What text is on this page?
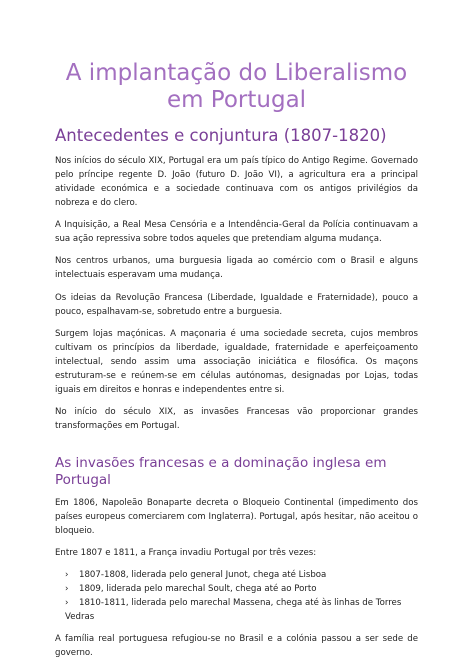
A implantação do Liberalismo
em Portugal
Antecedentes e conjuntura (1807-1820)

Nos inícios do século XIX, Portugal era um país típico do Antigo Regime. Governado pelo príncipe regente D. João (futuro D. João VI), a agricultura era a principal atividade económica e a sociedade continuava com os antigos privilégios da nobreza e do clero.

A Inquisição, a Real Mesa Censória e a Intendência-Geral da Polícia continuavam a sua ação repressiva sobre todos aqueles que pretendiam alguma mudança.

Nos centros urbanos, uma burguesia ligada ao comércio com o Brasil e alguns intelectuais esperavam uma mudança.

Os ideias da Revolução Francesa (Liberdade, Igualdade e Fraternidade), pouco a pouco, espalhavam-se, sobretudo entre a burguesia.

Surgem lojas maçónicas. A maçonaria é uma sociedade secreta, cujos membros cultivam os princípios da liberdade, igualdade, fraternidade e aperfeiçoamento intelectual, sendo assim uma associação iniciática e filosófica. Os maçons estruturam-se e reúnem-se em células autónomas, designadas por Lojas, todas iguais em direitos e honras e independentes entre si.

No início do século XIX, as invasões Francesas vão proporcionar grandes transformações em Portugal.

As invasões francesas e a dominação inglesa em Portugal

Em 1806, Napoleão Bonaparte decreta o Bloqueio Continental (impedimento dos países europeus comerciarem com Inglaterra). Portugal, após hesitar, não aceitou o bloqueio.

Entre 1807 e 1811, a França invadiu Portugal por três vezes:

› 1807-1808, liderada pelo general Junot, chega até Lisboa
› 1809, liderada pelo marechal Soult, chega até ao Porto
› 1810-1811, liderada pelo marechal Massena, chega até às linhas de Torres Vedras

A família real portuguesa refugiou-se no Brasil e a colónia passou a ser sede de governo.
